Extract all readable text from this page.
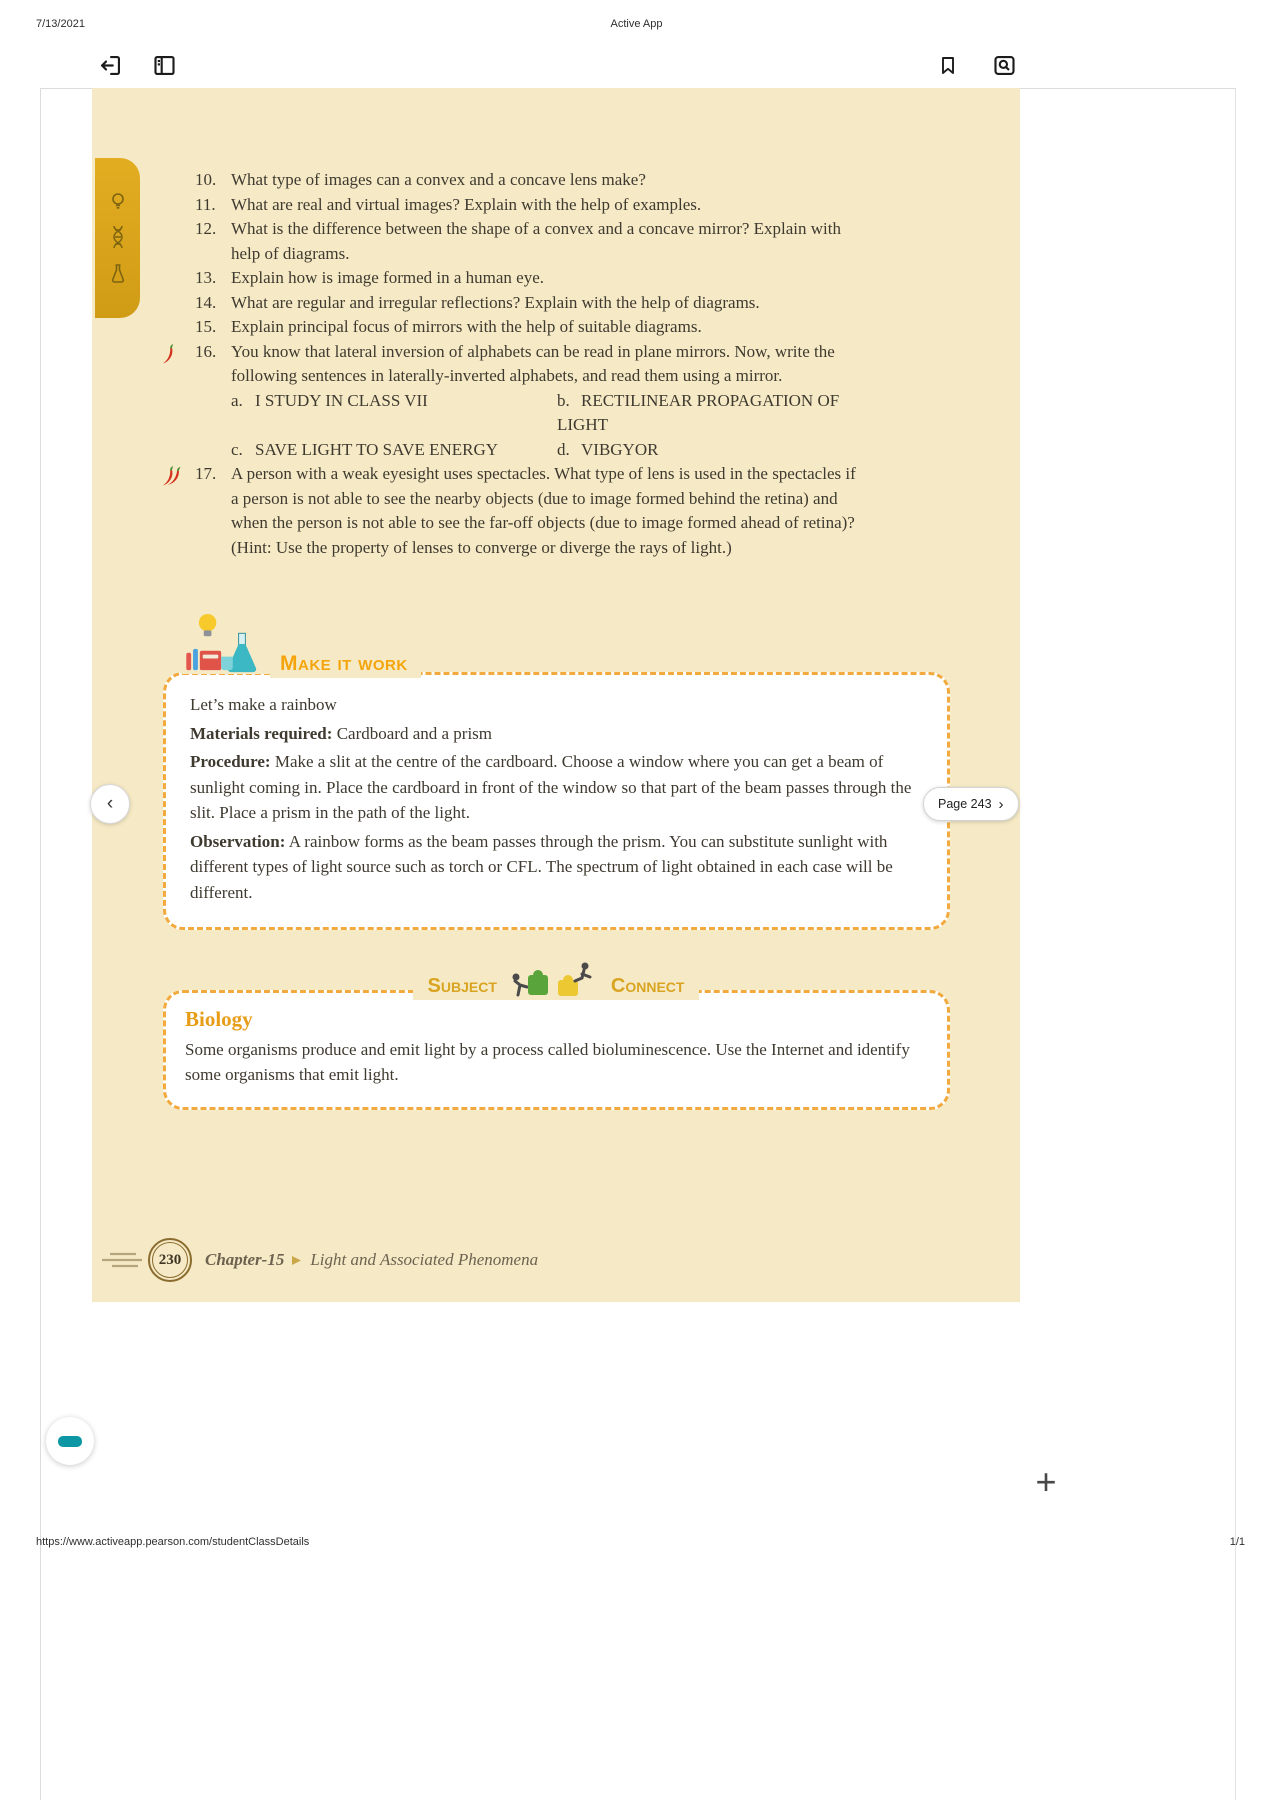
7/13/2021	Active App
10. What type of images can a convex and a concave lens make?
11. What are real and virtual images? Explain with the help of examples.
12. What is the difference between the shape of a convex and a concave mirror? Explain with help of diagrams.
13. Explain how is image formed in a human eye.
14. What are regular and irregular reflections? Explain with the help of diagrams.
15. Explain principal focus of mirrors with the help of suitable diagrams.
16. You know that lateral inversion of alphabets can be read in plane mirrors. Now, write the following sentences in laterally-inverted alphabets, and read them using a mirror.
a. I STUDY IN CLASS VII	b. RECTILINEAR PROPAGATION OF LIGHT
c. SAVE LIGHT TO SAVE ENERGY	d. VIBGYOR
17. A person with a weak eyesight uses spectacles. What type of lens is used in the spectacles if a person is not able to see the nearby objects (due to image formed behind the retina) and when the person is not able to see the far-off objects (due to image formed ahead of retina)? (Hint: Use the property of lenses to converge or diverge the rays of light.)
Make it work

Let’s make a rainbow

Materials required: Cardboard and a prism

Procedure: Make a slit at the centre of the cardboard. Choose a window where you can get a beam of sunlight coming in. Place the cardboard in front of the window so that part of the beam passes through the slit. Place a prism in the path of the light.

Observation: A rainbow forms as the beam passes through the prism. You can substitute sunlight with different types of light source such as torch or CFL. The spectrum of light obtained in each case will be different.

Subject	connect
Biology

Some organisms produce and emit light by a process called bioluminescence. Use the Internet and identify some organisms that emit light.

230 Chapter-15 Light and Associated Phenomena
‹	Page 243 ›
+
https://www.activeapp.pearson.com/studentClassDetails	1/1
